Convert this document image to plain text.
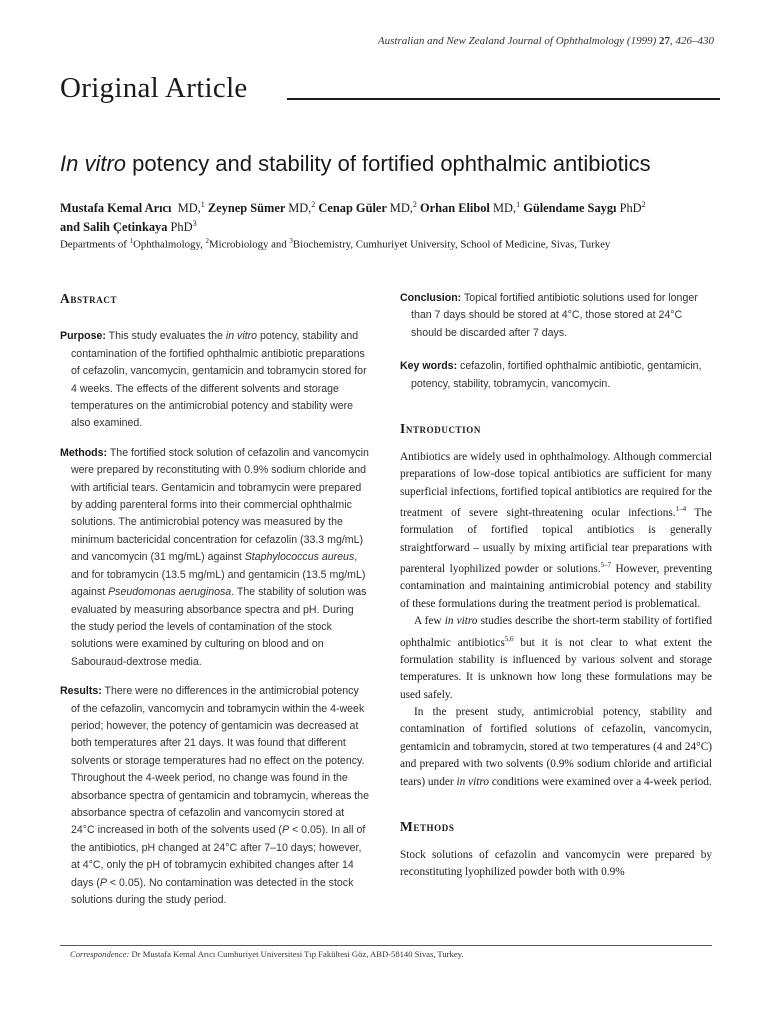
Australian and New Zealand Journal of Ophthalmology (1999) 27, 426–430
Original Article
In vitro potency and stability of fortified ophthalmic antibiotics
Mustafa Kemal Arıcı MD,$^1$ Zeynep Sümer MD,$^2$ Cenap Güler MD,$^2$ Orhan Elibol MD,$^1$ Gülendame Saygı PhD$^2$
and Salih Çetinkaya PhD$^3$
Departments of $^1$Ophthalmology, $^2$Microbiology and $^3$Biochemistry, Cumhuriyet University, School of Medicine, Sivas, Turkey
Abstract

Purpose: This study evaluates the in vitro potency, stability and contamination of the fortified ophthalmic antibiotic preparations of cefazolin, vancomycin, gentamicin and tobramycin stored for 4 weeks. The effects of the different solvents and storage temperatures on the antimicrobial potency and stability were also examined.

Methods: The fortified stock solution of cefazolin and vancomycin were prepared by reconstituting with 0.9% sodium chloride and with artificial tears. Gentamicin and tobramycin were prepared by adding parenteral forms into their commercial ophthalmic solutions. The antimicrobial potency was measured by the minimum bactericidal concentration for cefazolin (33.3 mg/mL) and vancomycin (31 mg/mL) against Staphylococcus aureus, and for tobramycin (13.5 mg/mL) and gentamicin (13.5 mg/mL) against Pseudomonas aeruginosa. The stability of solution was evaluated by measuring absorbance spectra and pH. During the study period the levels of contamination of the stock solutions were examined by culturing on blood and on Sabouraud-dextrose media.

Results: There were no differences in the antimicrobial potency of the cefazolin, vancomycin and tobramycin within the 4-week period; however, the potency of gentamicin was decreased at both temperatures after 21 days. It was found that different solvents or storage temperatures had no effect on the potency. Throughout the 4-week period, no change was found in the absorbance spectra of gentamicin and tobramycin, whereas the absorbance spectra of cefazolin and vancomycin stored at 24°C increased in both of the solvents used (P < 0.05). In all of the antibiotics, pH changed at 24°C after 7–10 days; however, at 4°C, only the pH of tobramycin exhibited changes after 14 days (P < 0.05). No contamination was detected in the stock solutions during the study period.

Conclusion: Topical fortified antibiotic solutions used for longer than 7 days should be stored at 4°C, those stored at 24°C should be discarded after 7 days.

Key words: cefazolin, fortified ophthalmic antibiotic, gentamicin, potency, stability, tobramycin, vancomycin.

Introduction

Antibiotics are widely used in ophthalmology. Although commercial preparations of low-dose topical antibiotics are sufficient for many superficial infections, fortified topical antibiotics are required for the treatment of severe sight-threatening ocular infections.$^{1-4}$ The formulation of fortified topical antibiotics is generally straightforward – usually by mixing artificial tear preparations with parenteral lyophilized powder or solutions.$^{5-7}$ However, preventing contamination and maintaining antimicrobial potency and stability of these formulations during the treatment period is problematical.

A few in vitro studies describe the short-term stability of fortified ophthalmic antibiotics$^{5,6}$ but it is not clear to what extent the formulation stability is influenced by various solvent and storage temperatures. It is unknown how long these formulations may be used safely.

In the present study, antimicrobial potency, stability and contamination of fortified solutions of cefazolin, vancomycin, gentamicin and tobramycin, stored at two temperatures (4 and 24°C) and prepared with two solvents (0.9% sodium chloride and artificial tears) under in vitro conditions were examined over a 4-week period.

Methods

Stock solutions of cefazolin and vancomycin were prepared by reconstituting lyophilized powder both with 0.9%

Correspondence: Dr Mustafa Kemal Arıcı Cumhuriyet Universitesi Tıp Fakültesi Göz, ABD-58140 Sivas, Turkey.
